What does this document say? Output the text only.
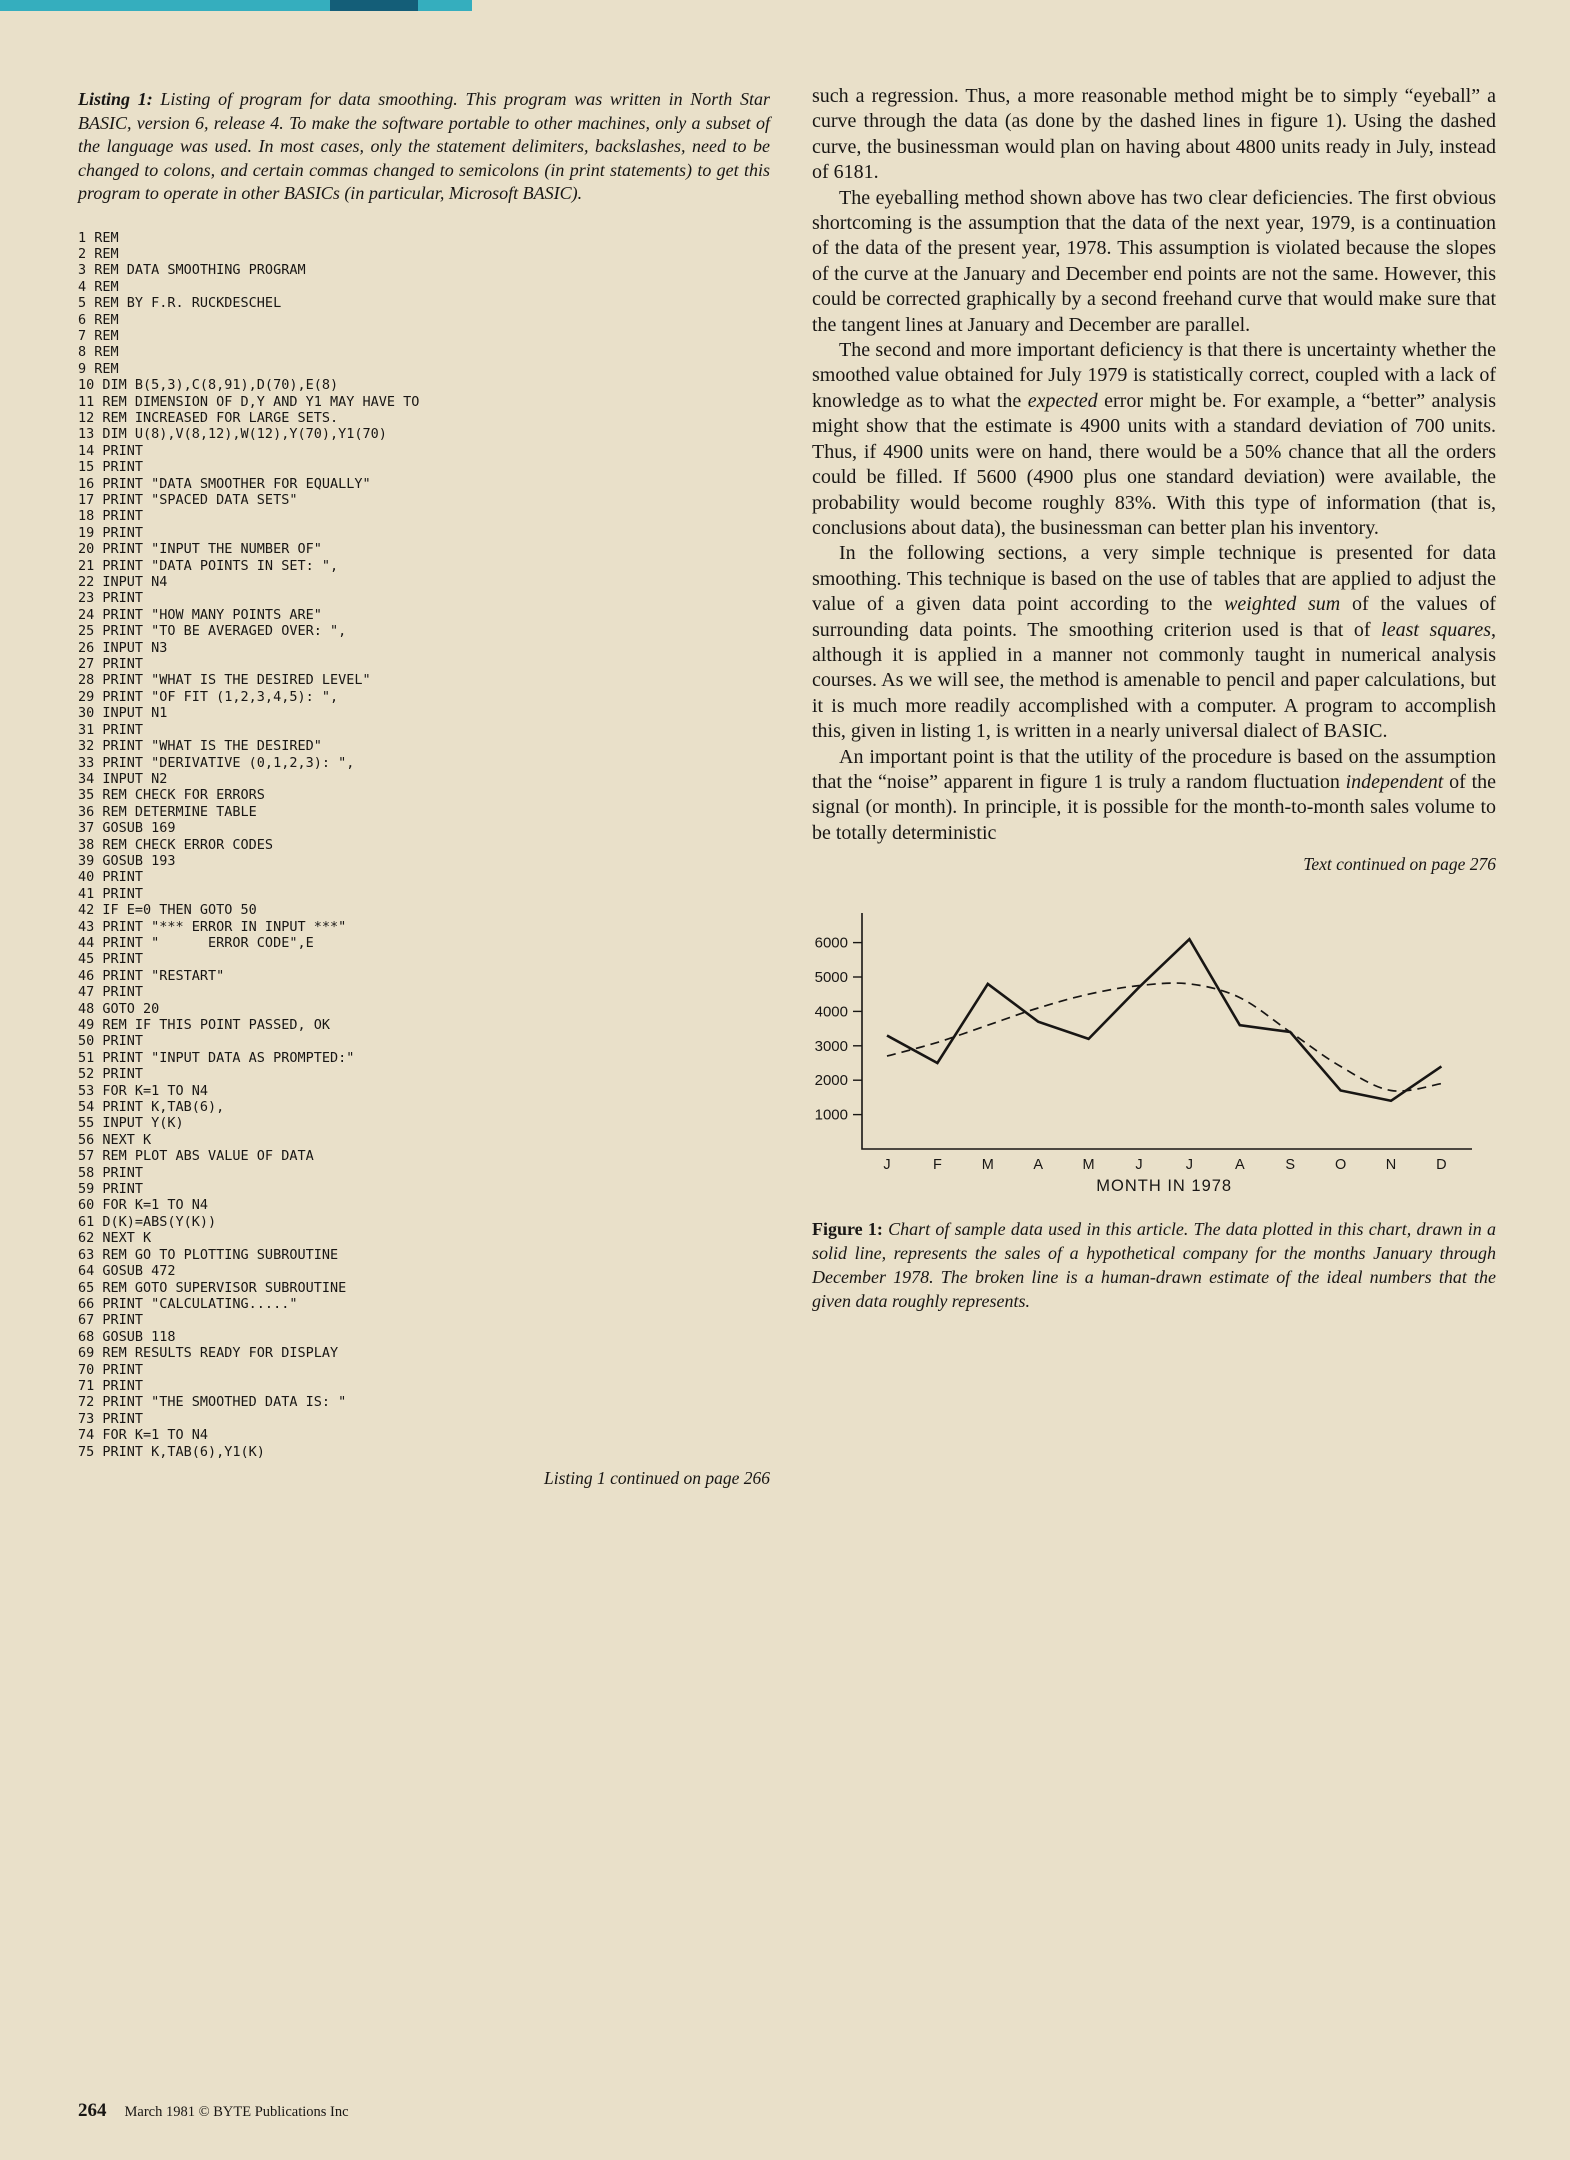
Listing 1: Listing of program for data smoothing. This program was written in North Star BASIC, version 6, release 4. To make the software portable to other machines, only a subset of the language was used. In most cases, only the statement delimiters, backslashes, need to be changed to colons, and certain commas changed to semicolons (in print statements) to get this program to operate in other BASICs (in particular, Microsoft BASIC).

1 REM
2 REM
3 REM DATA SMOOTHING PROGRAM
4 REM
5 REM BY F.R. RUCKDESCHEL
6 REM
7 REM
8 REM
9 REM
10 DIM B(5,3),C(8,91),D(70),E(8)
11 REM DIMENSION OF D,Y AND Y1 MAY HAVE TO
12 REM INCREASED FOR LARGE SETS.
13 DIM U(8),V(8,12),W(12),Y(70),Y1(70)
14 PRINT
15 PRINT
16 PRINT "DATA SMOOTHER FOR EQUALLY"
17 PRINT "SPACED DATA SETS"
18 PRINT
19 PRINT
20 PRINT "INPUT THE NUMBER OF"
21 PRINT "DATA POINTS IN SET: ",
22 INPUT N4
23 PRINT
24 PRINT "HOW MANY POINTS ARE"
25 PRINT "TO BE AVERAGED OVER: ",
26 INPUT N3
27 PRINT
28 PRINT "WHAT IS THE DESIRED LEVEL"
29 PRINT "OF FIT (1,2,3,4,5): ",
30 INPUT N1
31 PRINT
32 PRINT "WHAT IS THE DESIRED"
33 PRINT "DERIVATIVE (0,1,2,3): ",
34 INPUT N2
35 REM CHECK FOR ERRORS
36 REM DETERMINE TABLE
37 GOSUB 169
38 REM CHECK ERROR CODES
39 GOSUB 193
40 PRINT
41 PRINT
42 IF E=0 THEN GOTO 50
43 PRINT "*** ERROR IN INPUT ***"
44 PRINT "      ERROR CODE",E
45 PRINT
46 PRINT "RESTART"
47 PRINT
48 GOTO 20
49 REM IF THIS POINT PASSED, OK
50 PRINT
51 PRINT "INPUT DATA AS PROMPTED:"
52 PRINT
53 FOR K=1 TO N4
54 PRINT K,TAB(6),
55 INPUT Y(K)
56 NEXT K
57 REM PLOT ABS VALUE OF DATA
58 PRINT
59 PRINT
60 FOR K=1 TO N4
61 D(K)=ABS(Y(K))
62 NEXT K
63 REM GO TO PLOTTING SUBROUTINE
64 GOSUB 472
65 REM GOTO SUPERVISOR SUBROUTINE
66 PRINT "CALCULATING....."
67 PRINT
68 GOSUB 118
69 REM RESULTS READY FOR DISPLAY
70 PRINT
71 PRINT
72 PRINT "THE SMOOTHED DATA IS: "
73 PRINT
74 FOR K=1 TO N4
75 PRINT K,TAB(6),Y1(K)
Listing 1 continued on page 266

such a regression. Thus, a more reasonable method might be to simply “eyeball” a curve through the data (as done by the dashed lines in figure 1). Using the dashed curve, the businessman would plan on having about 4800 units ready in July, instead of 6181.

The eyeballing method shown above has two clear deficiencies. The first obvious shortcoming is the assumption that the data of the next year, 1979, is a continuation of the data of the present year, 1978. This assumption is violated because the slopes of the curve at the January and December end points are not the same. However, this could be corrected graphically by a second freehand curve that would make sure that the tangent lines at January and December are parallel.

The second and more important deficiency is that there is uncertainty whether the smoothed value obtained for July 1979 is statistically correct, coupled with a lack of knowledge as to what the expected error might be. For example, a “better” analysis might show that the estimate is 4900 units with a standard deviation of 700 units. Thus, if 4900 units were on hand, there would be a 50% chance that all the orders could be filled. If 5600 (4900 plus one standard deviation) were available, the probability would become roughly 83%. With this type of information (that is, conclusions about data), the businessman can better plan his inventory.

In the following sections, a very simple technique is presented for data smoothing. This technique is based on the use of tables that are applied to adjust the value of a given data point according to the weighted sum of the values of surrounding data points. The smoothing criterion used is that of least squares, although it is applied in a manner not commonly taught in numerical analysis courses. As we will see, the method is amenable to pencil and paper calculations, but it is much more readily accomplished with a computer. A program to accomplish this, given in listing 1, is written in a nearly universal dialect of BASIC.

An important point is that the utility of the procedure is based on the assumption that the “noise” apparent in figure 1 is truly a random fluctuation independent of the signal (or month). In principle, it is possible for the month-to-month sales volume to be totally deterministic

Text continued on page 276
1000
2000
3000
4000
5000
6000
J	F	M	A	M	J	J	A	S	O	N	D
MONTH IN 1978

Figure 1: Chart of sample data used in this article. The data plotted in this chart, drawn in a solid line, represents the sales of a hypothetical company for the months January through December 1978. The broken line is a human-drawn estimate of the ideal numbers that the given data roughly represents.

264 March 1981 © BYTE Publications Inc
